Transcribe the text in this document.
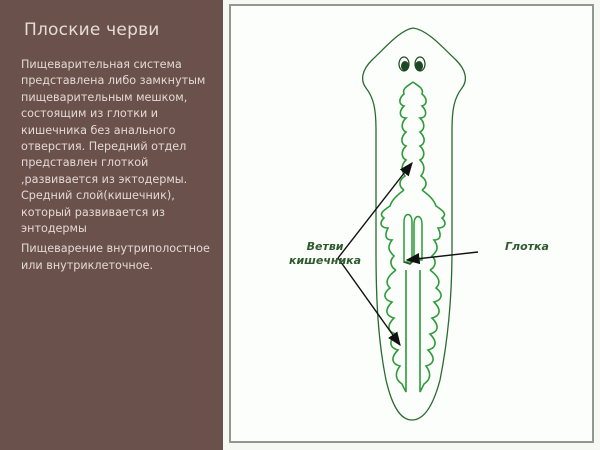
Плоские черви

Пищеварительная система представлена либо замкнутым пищеварительным мешком, состоящим из глотки и кишечника без анального отверстия. Передний отдел представлен глоткой ,развивается из эктодермы. Средний слой(кишечник), который развивается из энтодермы

Пищеварение внутриполостное или внутриклеточное.

Ветви
кишечника
Глотка
